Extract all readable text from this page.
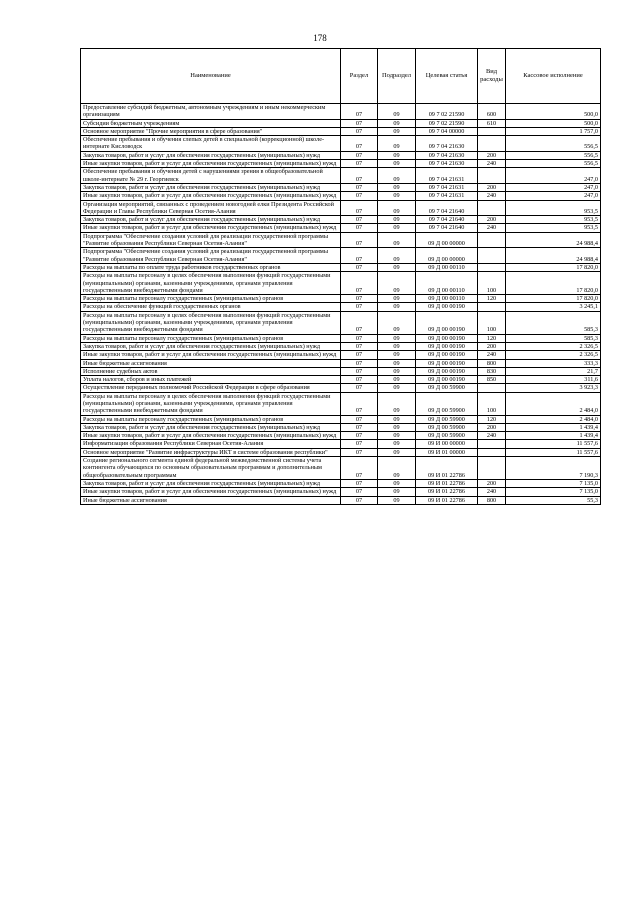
178
Наименование	Раздел	Подраздел	Целевая статья	Вид расходы	Кассовое исполнение
Предоставление субсидий бюджетным, автономным учреждениям и иным некоммерческим организациям	07	09	09 7 02 21590	600	500,0
Субсидии бюджетным учреждениям	07	09	09 7 02 21590	610	500,0
Основное мероприятие "Прочие мероприятия в сфере образования"	07	09	09 7 04 00000		1 757,0
Обеспечение пребывания и обучения слепых детей в специальной (коррекционной) школе-интернате Кисловодск	07	09	09 7 04 21630		556,5
Закупка товаров, работ и услуг для обеспечения государственных (муниципальных) нужд	07	09	09 7 04 21630	200	556,5
Иные закупки товаров, работ и услуг для обеспечения государственных (муниципальных) нужд	07	09	09 7 04 21630	240	556,5
Обеспечение пребывания и обучения детей с нарушениями зрения в общеобразовательной школе-интернате № 29 г. Георгиевск	07	09	09 7 04 21631		247,0
Закупка товаров, работ и услуг для обеспечения государственных (муниципальных) нужд	07	09	09 7 04 21631	200	247,0
Иные закупки товаров, работ и услуг для обеспечения государственных (муниципальных) нужд	07	09	09 7 04 21631	240	247,0
Организация мероприятий, связанных с проведением новогодней елки Президента Российской Федерации и Главы Республики Северная Осетия-Алания	07	09	09 7 04 21640		953,5
Закупка товаров, работ и услуг для обеспечения государственных (муниципальных) нужд	07	09	09 7 04 21640	200	953,5
Иные закупки товаров, работ и услуг для обеспечения государственных (муниципальных) нужд	07	09	09 7 04 21640	240	953,5
Подпрограмма "Обеспечение создания условий для реализации государственной программы "Развитие образования Республики Северная Осетия-Алания"	07	09	09 Д 00 00000		24 988,4
Подпрограмма "Обеспечение создания условий для реализации государственной программы "Развитие образования Республики Северная Осетия-Алания"	07	09	09 Д 00 00000		24 988,4
Расходы на выплаты по оплате труда работников государственных органов	07	09	09 Д 00 00110		17 820,0
Расходы на выплаты персоналу в целях обеспечения выполнения функций государственными (муниципальными) органами, казенными учреждениями, органами управления государственными внебюджетными фондами	07	09	09 Д 00 00110	100	17 820,0
Расходы на выплаты персоналу государственных (муниципальных) органов	07	09	09 Д 00 00110	120	17 820,0
Расходы на обеспечение функций государственных органов	07	09	09 Д 00 00190		3 245,1
Расходы на выплаты персоналу в целях обеспечения выполнения функций государственными (муниципальными) органами, казенными учреждениями, органами управления государственными внебюджетными фондами	07	09	09 Д 00 00190	100	585,3
Расходы на выплаты персоналу государственных (муниципальных) органов	07	09	09 Д 00 00190	120	585,3
Закупка товаров, работ и услуг для обеспечения государственных (муниципальных) нужд	07	09	09 Д 00 00190	200	2 326,5
Иные закупки товаров, работ и услуг для обеспечения государственных (муниципальных) нужд	07	09	09 Д 00 00190	240	2 326,5
Иные бюджетные ассигнования	07	09	09 Д 00 00190	800	333,3
Исполнение судебных актов	07	09	09 Д 00 00190	830	21,7
Уплата налогов, сборов и иных платежей	07	09	09 Д 00 00190	850	311,6
Осуществление переданных полномочий Российской Федерации в сфере образования	07	09	09 Д 00 59900		3 923,3
Расходы на выплаты персоналу в целях обеспечения выполнения функций государственными (муниципальными) органами, казенными учреждениями, органами управления государственными внебюджетными фондами	07	09	09 Д 00 59900	100	2 484,0
Расходы на выплаты персоналу государственных (муниципальных) органов	07	09	09 Д 00 59900	120	2 484,0
Закупка товаров, работ и услуг для обеспечения государственных (муниципальных) нужд	07	09	09 Д 00 59900	200	1 439,4
Иные закупки товаров, работ и услуг для обеспечения государственных (муниципальных) нужд	07	09	09 Д 00 59900	240	1 439,4
Информатизация образования Республики Северная Осетия-Алания	07	09	09 И 00 00000		11 557,6
Основное мероприятие "Развитие инфраструктуры ИКТ в системе образования республики"	07	09	09 И 01 00000		11 557,6
Создание регионального сегмента единой федеральной межведомственной системы учета контингента обучающихся по основным образовательным программам и дополнительным общеобразовательным программам	07	09	09 И 01 22786		7 190,3
Закупка товаров, работ и услуг для обеспечения государственных (муниципальных) нужд	07	09	09 И 01 22786	200	7 135,0
Иные закупки товаров, работ и услуг для обеспечения государственных (муниципальных) нужд	07	09	09 И 01 22786	240	7 135,0
Иные бюджетные ассигнования	07	09	09 И 01 22786	800	55,3
